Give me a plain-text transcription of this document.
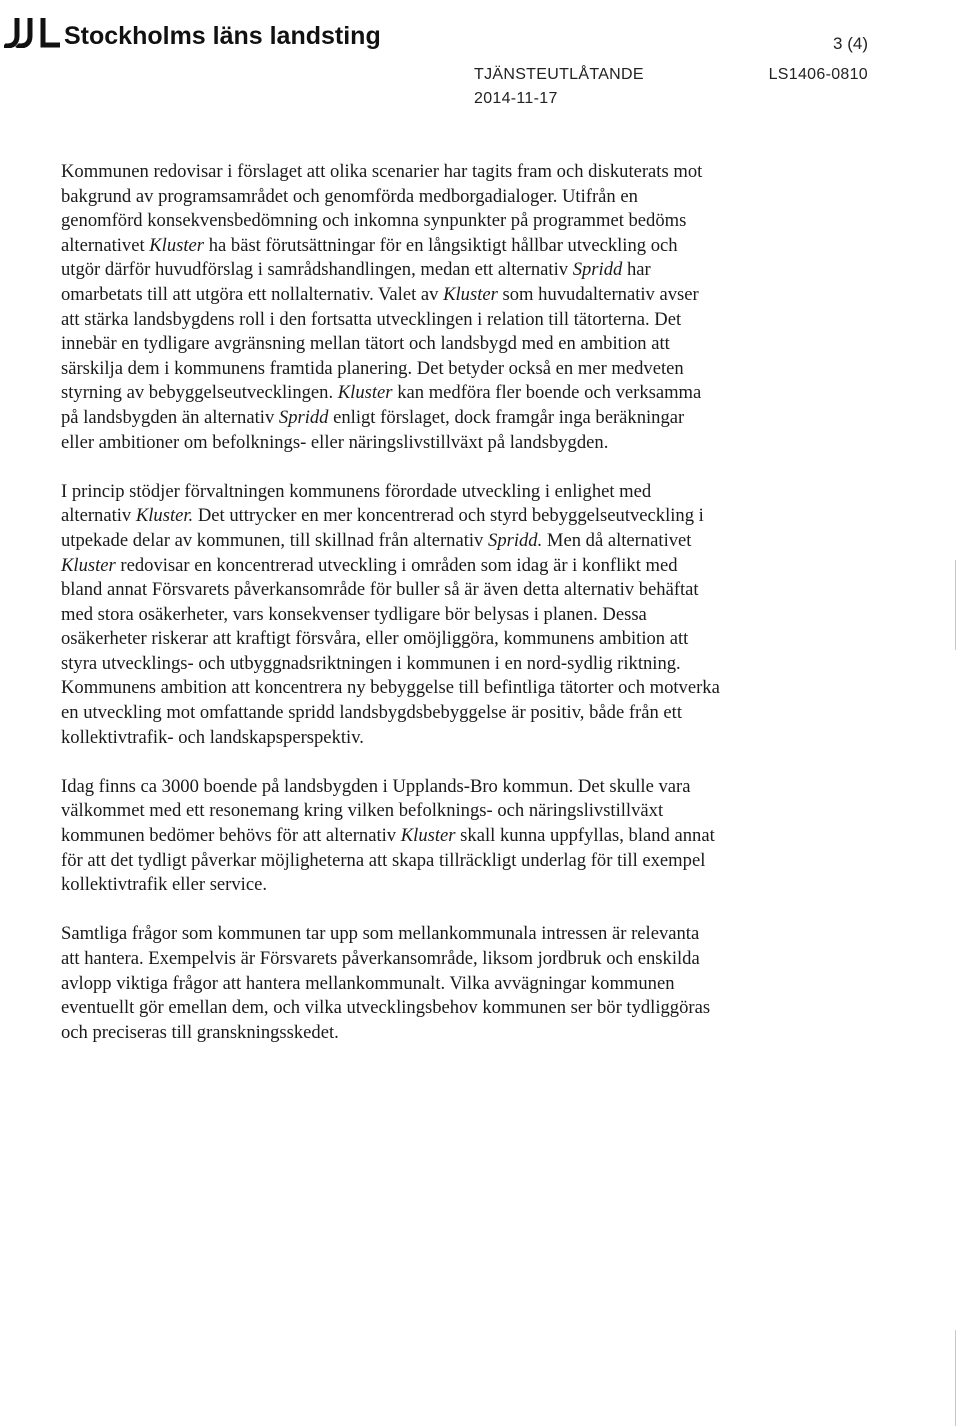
Stockholms läns landsting	3 (4)
TJÄNSTEUTLÅTANDE
2014-11-17
LS1406-0810

Kommunen redovisar i förslaget att olika scenarier har tagits fram och diskuterats mot bakgrund av programsamrådet och genomförda medborgadialoger. Utifrån en genomförd konsekvensbedömning och inkomna synpunkter på programmet bedöms alternativet Kluster ha bäst förutsättningar för en långsiktigt hållbar utveckling och utgör därför huvudförslag i samrådshandlingen, medan ett alternativ Spridd har omarbetats till att utgöra ett nollalternativ. Valet av Kluster som huvudalternativ avser att stärka landsbygdens roll i den fortsatta utvecklingen i relation till tätorterna. Det innebär en tydligare avgränsning mellan tätort och landsbygd med en ambition att särskilja dem i kommunens framtida planering. Det betyder också en mer medveten styrning av bebyggelseutvecklingen. Kluster kan medföra fler boende och verksamma på landsbygden än alternativ Spridd enligt förslaget, dock framgår inga beräkningar eller ambitioner om befolknings- eller näringslivstillväxt på landsbygden.

I princip stödjer förvaltningen kommunens förordade utveckling i enlighet med alternativ Kluster. Det uttrycker en mer koncentrerad och styrd bebyggelseutveckling i utpekade delar av kommunen, till skillnad från alternativ Spridd. Men då alternativet Kluster redovisar en koncentrerad utveckling i områden som idag är i konflikt med bland annat Försvarets påverkansområde för buller så är även detta alternativ behäftat med stora osäkerheter, vars konsekvenser tydligare bör belysas i planen. Dessa osäkerheter riskerar att kraftigt försvåra, eller omöjliggöra, kommunens ambition att styra utvecklings- och utbyggnadsriktningen i kommunen i en nord-sydlig riktning. Kommunens ambition att koncentrera ny bebyggelse till befintliga tätorter och motverka en utveckling mot omfattande spridd landsbygdsbebyggelse är positiv, både från ett kollektivtrafik- och landskapsperspektiv.

Idag finns ca 3000 boende på landsbygden i Upplands-Bro kommun. Det skulle vara välkommet med ett resonemang kring vilken befolknings- och näringslivstillväxt kommunen bedömer behövs för att alternativ Kluster skall kunna uppfyllas, bland annat för att det tydligt påverkar möjligheterna att skapa tillräckligt underlag för till exempel kollektivtrafik eller service.

Samtliga frågor som kommunen tar upp som mellankommunala intressen är relevanta att hantera. Exempelvis är Försvarets påverkansområde, liksom jordbruk och enskilda avlopp viktiga frågor att hantera mellankommunalt. Vilka avvägningar kommunen eventuellt gör emellan dem, och vilka utvecklingsbehov kommunen ser bör tydliggöras och preciseras till granskningsskedet.
